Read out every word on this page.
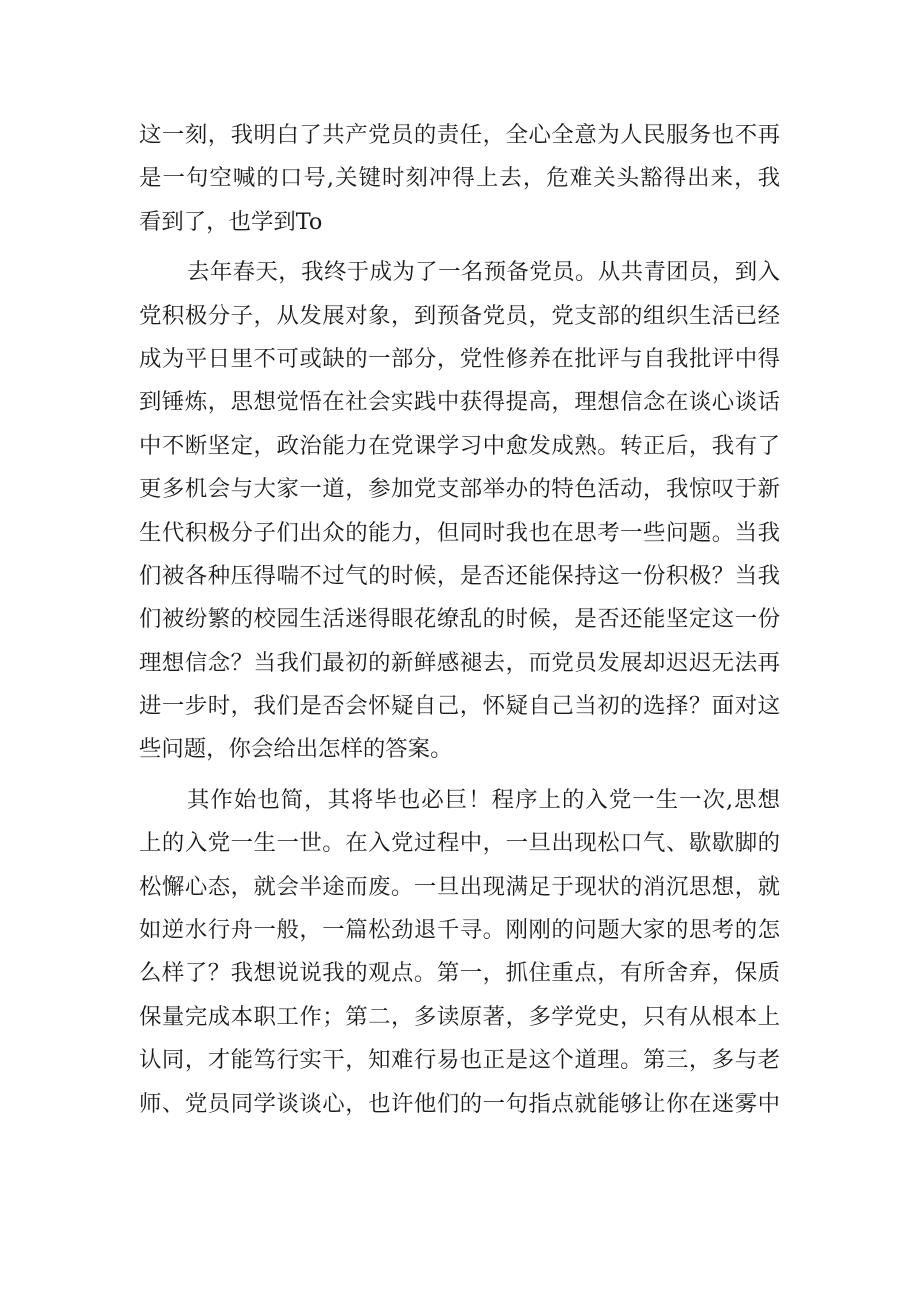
这一刻，我明白了共产党员的责任，全心全意为人民服务也不再
是一句空喊的口号,关键时刻冲得上去，危难关头豁得出来，我
看到了，也学到To
去年春天，我终于成为了一名预备党员。从共青团员，到入
党积极分子，从发展对象，到预备党员，党支部的组织生活已经
成为平日里不可或缺的一部分，党性修养在批评与自我批评中得
到锤炼，思想觉悟在社会实践中获得提高，理想信念在谈心谈话
中不断坚定，政治能力在党课学习中愈发成熟。转正后，我有了
更多机会与大家一道，参加党支部举办的特色活动，我惊叹于新
生代积极分子们出众的能力，但同时我也在思考一些问题。当我
们被各种压得喘不过气的时候，是否还能保持这一份积极？当我
们被纷繁的校园生活迷得眼花缭乱的时候，是否还能坚定这一份
理想信念？当我们最初的新鲜感褪去，而党员发展却迟迟无法再
进一步时，我们是否会怀疑自己，怀疑自己当初的选择？面对这
些问题，你会给出怎样的答案。
其作始也简，其将毕也必巨！程序上的入党一生一次,思想
上的入党一生一世。在入党过程中，一旦出现松口气、歇歇脚的
松懈心态，就会半途而废。一旦出现满足于现状的消沉思想，就
如逆水行舟一般，一篇松劲退千寻。刚刚的问题大家的思考的怎
么样了？我想说说我的观点。第一，抓住重点，有所舍弃，保质
保量完成本职工作；第二，多读原著，多学党史，只有从根本上
认同，才能笃行实干，知难行易也正是这个道理。第三，多与老
师、党员同学谈谈心，也许他们的一句指点就能够让你在迷雾中
